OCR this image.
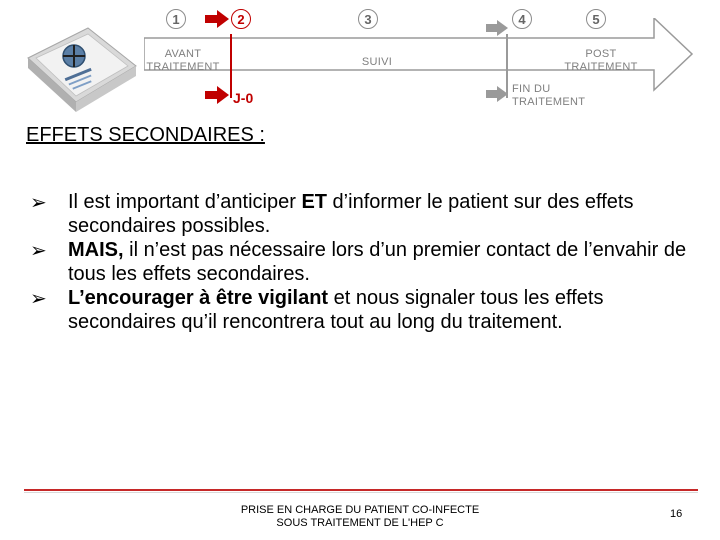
1	2	3	4	5
AVANT
TRAITEMENT	SUIVI
POST
TRAITEMENT
J-0
FIN DU
TRAITEMENT
EFFETS SECONDAIRES :
➢ Il est important d’anticiper ET d’informer le patient sur des effets secondaires possibles.
➢ MAIS, il n’est pas nécessaire lors d’un premier contact de l’envahir de tous les effets secondaires.
➢ L’encourager à être vigilant et nous signaler tous les effets secondaires qu’il rencontrera tout au long du traitement.
PRISE EN CHARGE DU PATIENT CO-INFECTE
SOUS TRAITEMENT DE L'HEP C
16
